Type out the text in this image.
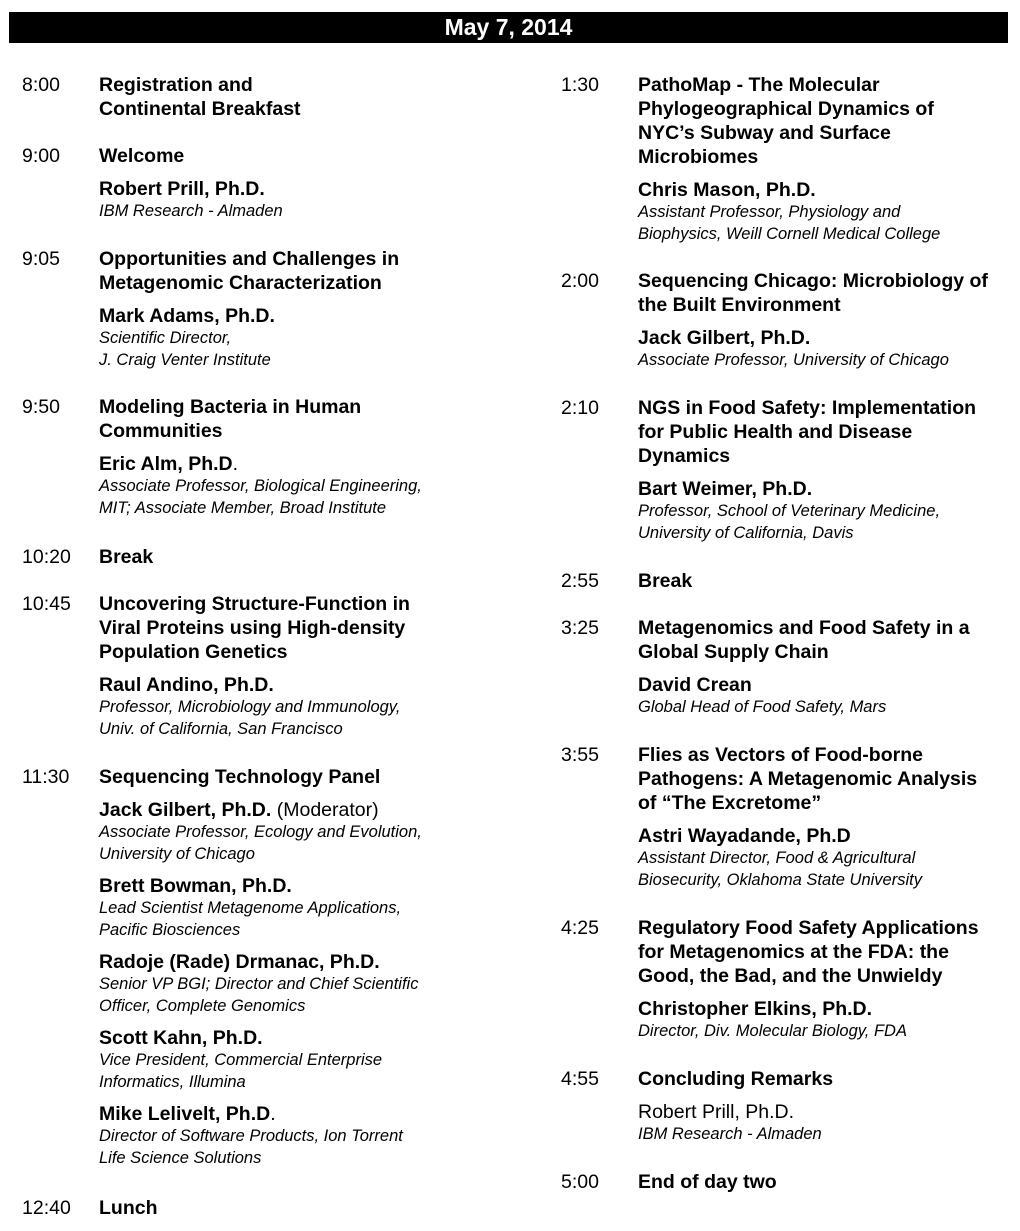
May 7, 2014
8:00 Registration and
Continental Breakfast
9:00 Welcome
Robert Prill, Ph.D.
IBM Research - Almaden
9:05 Opportunities and Challenges in
Metagenomic Characterization
Mark Adams, Ph.D.
Scientific Director,
J. Craig Venter Institute
9:50 Modeling Bacteria in Human
Communities
Eric Alm, Ph.D.
Associate Professor, Biological Engineering,
MIT; Associate Member, Broad Institute
10:20 Break
10:45 Uncovering Structure-Function in
Viral Proteins using High-density
Population Genetics
Raul Andino, Ph.D.
Professor, Microbiology and Immunology,
Univ. of California, San Francisco
11:30 Sequencing Technology Panel
Jack Gilbert, Ph.D. (Moderator)
Associate Professor, Ecology and Evolution,
University of Chicago
Brett Bowman, Ph.D.
Lead Scientist Metagenome Applications,
Pacific Biosciences
Radoje (Rade) Drmanac, Ph.D.
Senior VP BGI; Director and Chief Scientific
Officer, Complete Genomics
Scott Kahn, Ph.D.
Vice President, Commercial Enterprise
Informatics, Illumina
Mike Lelivelt, Ph.D.
Director of Software Products, Ion Torrent
Life Science Solutions
12:40 Lunch
1:30 PathoMap - The Molecular
Phylogeographical Dynamics of
NYC’s Subway and Surface
Microbiomes
Chris Mason, Ph.D.
Assistant Professor, Physiology and
Biophysics, Weill Cornell Medical College
2:00 Sequencing Chicago: Microbiology of
the Built Environment
Jack Gilbert, Ph.D.
Associate Professor, University of Chicago
2:10 NGS in Food Safety: Implementation
for Public Health and Disease
Dynamics
Bart Weimer, Ph.D.
Professor, School of Veterinary Medicine,
University of California, Davis
2:55 Break
3:25 Metagenomics and Food Safety in a
Global Supply Chain
David Crean
Global Head of Food Safety, Mars
3:55 Flies as Vectors of Food-borne
Pathogens: A Metagenomic Analysis
of “The Excretome”
Astri Wayadande, Ph.D
Assistant Director, Food & Agricultural
Biosecurity, Oklahoma State University
4:25 Regulatory Food Safety Applications
for Metagenomics at the FDA: the
Good, the Bad, and the Unwieldy
Christopher Elkins, Ph.D.
Director, Div. Molecular Biology, FDA
4:55 Concluding Remarks
Robert Prill, Ph.D.
IBM Research - Almaden
5:00 End of day two
